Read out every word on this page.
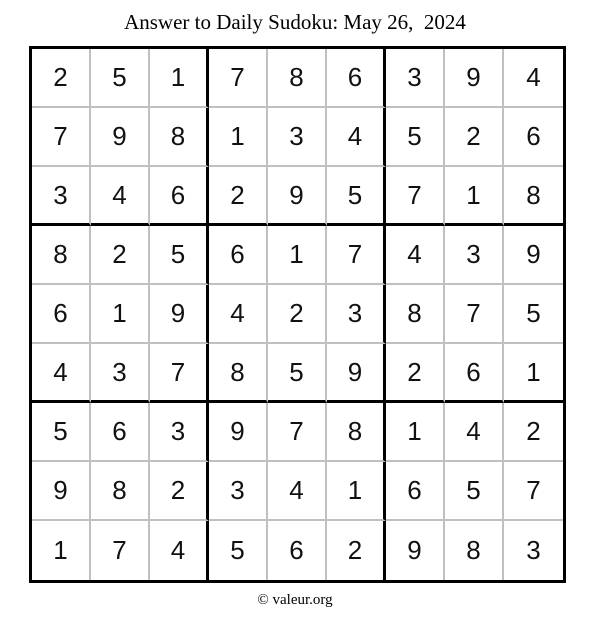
Answer to Daily Sudoku: May 26,  2024
2	5	1	7	8	6	3	9	4
7	9	8	1	3	4	5	2	6
3	4	6	2	9	5	7	1	8
8	2	5	6	1	7	4	3	9
6	1	9	4	2	3	8	7	5
4	3	7	8	5	9	2	6	1
5	6	3	9	7	8	1	4	2
9	8	2	3	4	1	6	5	7
1	7	4	5	6	2	9	8	3
© valeur.org
